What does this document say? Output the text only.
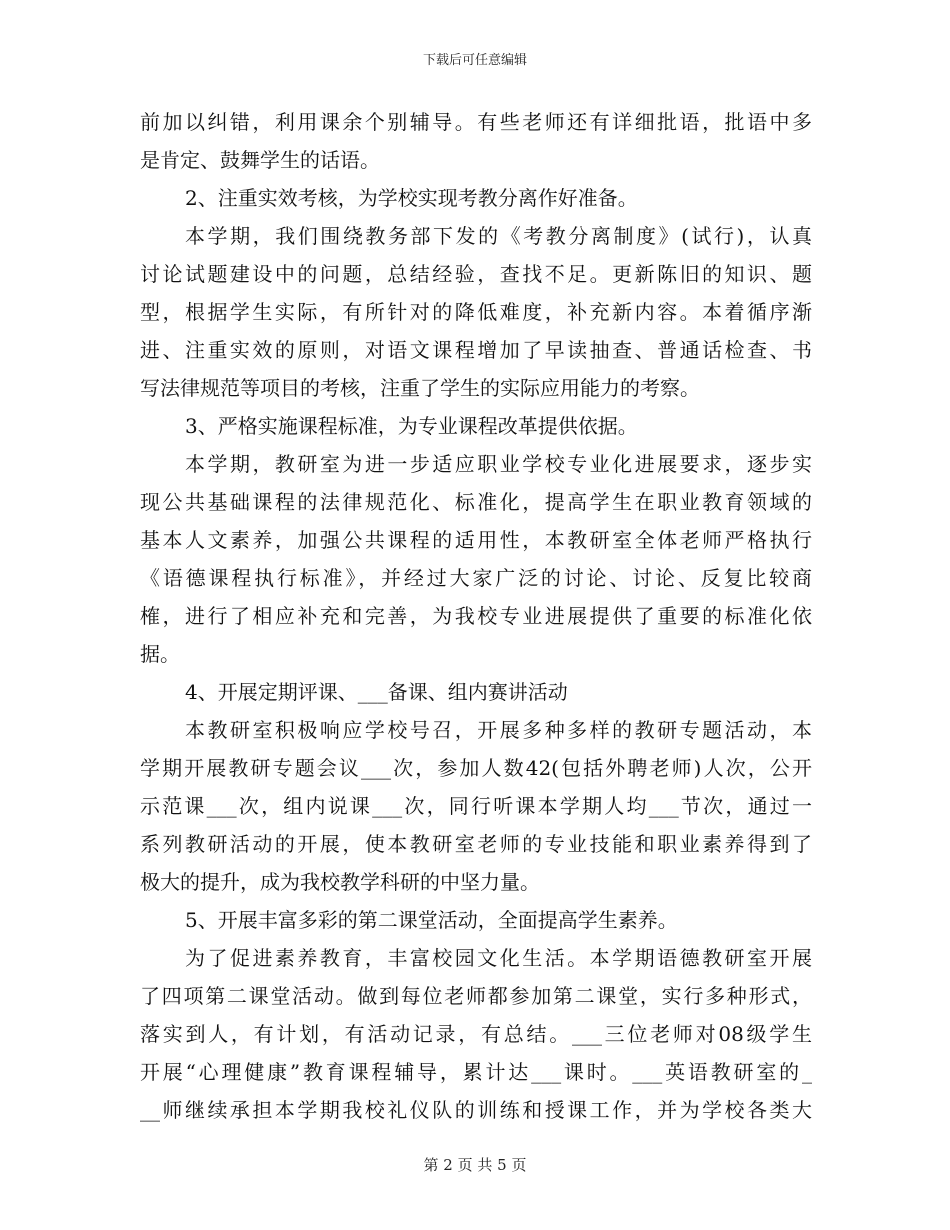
下载后可任意编辑
前加以纠错，利用课余个别辅导。有些老师还有详细批语，批语中多
是肯定、鼓舞学生的话语。
2、注重实效考核，为学校实现考教分离作好准备。
本学期，我们围绕教务部下发的《考教分离制度》(试行)，认真
讨论试题建设中的问题，总结经验，查找不足。更新陈旧的知识、题
型，根据学生实际，有所针对的降低难度，补充新内容。本着循序渐
进、注重实效的原则，对语文课程增加了早读抽查、普通话检查、书
写法律规范等项目的考核，注重了学生的实际应用能力的考察。
3、严格实施课程标准，为专业课程改革提供依据。
本学期，教研室为进一步适应职业学校专业化进展要求，逐步实
现公共基础课程的法律规范化、标准化，提高学生在职业教育领域的
基本人文素养，加强公共课程的适用性，本教研室全体老师严格执行
《语德课程执行标准》，并经过大家广泛的讨论、讨论、反复比较商
榷，进行了相应补充和完善，为我校专业进展提供了重要的标准化依
据。
4、开展定期评课、___备课、组内赛讲活动
本教研室积极响应学校号召，开展多种多样的教研专题活动，本
学期开展教研专题会议___次，参加人数42(包括外聘老师)人次，公开
示范课___次，组内说课___次，同行听课本学期人均___节次，通过一
系列教研活动的开展，使本教研室老师的专业技能和职业素养得到了
极大的提升，成为我校教学科研的中坚力量。
5、开展丰富多彩的第二课堂活动，全面提高学生素养。
为了促进素养教育，丰富校园文化生活。本学期语德教研室开展
了四项第二课堂活动。做到每位老师都参加第二课堂，实行多种形式，
落实到人，有计划，有活动记录，有总结。___三位老师对08级学生
开展“心理健康”教育课程辅导，累计达___课时。___英语教研室的_
__师继续承担本学期我校礼仪队的训练和授课工作，并为学校各类大
第 2 页 共 5 页
